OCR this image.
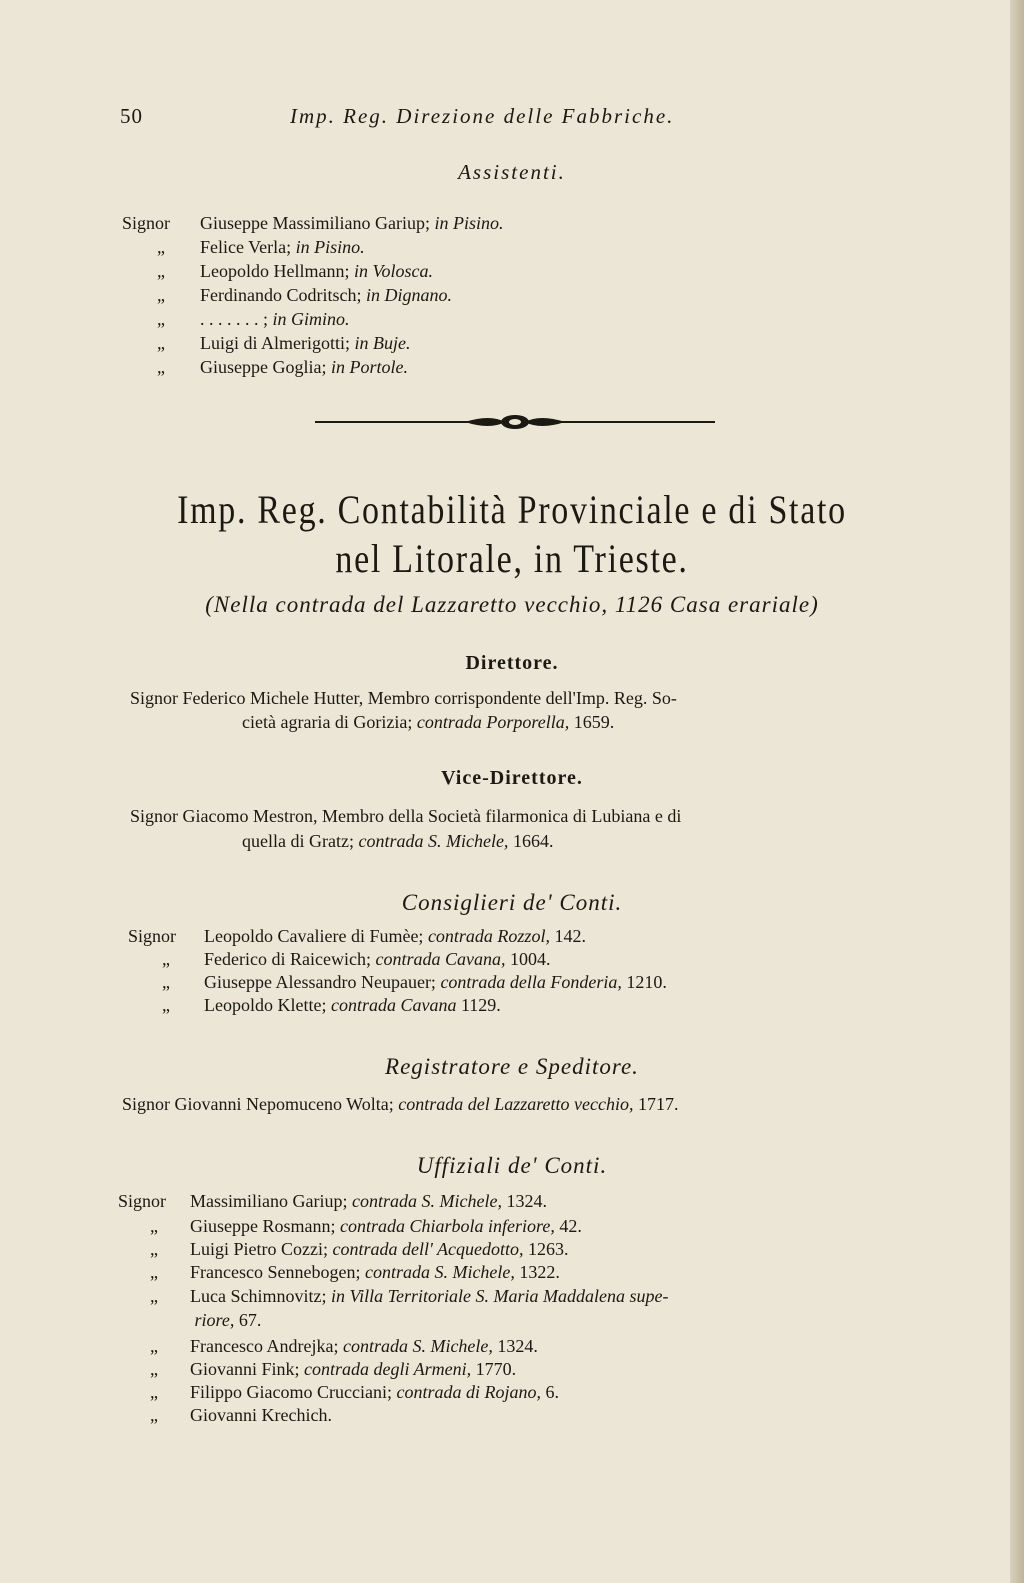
50	Imp. Reg. Direzione delle Fabbriche.
Assistenti.
Signor Giuseppe Massimiliano Gariup; in Pisino.
„ Felice Verla; in Pisino.
„ Leopoldo Hellmann; in Volosca.
„ Ferdinando Codritsch; in Dignano.
„ . . . . . . . ; in Gimino.
„ Luigi di Almerigotti; in Buje.
„ Giuseppe Goglia; in Portole.
Imp. Reg. Contabilità Provinciale e di Stato
nel Litorale, in Trieste.
(Nella contrada del Lazzaretto vecchio, 1126 Casa erariale)
Direttore.
Signor Federico Michele Hutter, Membro corrispondente dell'Imp. Reg. So-
cietà agraria di Gorizia; contrada Porporella, 1659.
Vice-Direttore.
Signor Giacomo Mestron, Membro della Società filarmonica di Lubiana e di
quella di Gratz; contrada S. Michele, 1664.
Consiglieri de' Conti.
Signor Leopoldo Cavaliere di Fumèe; contrada Rozzol, 142.
„ Federico di Raicewich; contrada Cavana, 1004.
„ Giuseppe Alessandro Neupauer; contrada della Fonderia, 1210.
„ Leopoldo Klette; contrada Cavana 1129.
Registratore e Speditore.
Signor Giovanni Nepomuceno Wolta; contrada del Lazzaretto vecchio, 1717.
Uffiziali de' Conti.
Signor Massimiliano Gariup; contrada S. Michele, 1324.
„ Giuseppe Rosmann; contrada Chiarbola inferiore, 42.
„ Luigi Pietro Cozzi; contrada dell' Acquedotto, 1263.
„ Francesco Sennebogen; contrada S. Michele, 1322.
„ Luca Schimnovitz; in Villa Territoriale S. Maria Maddalena supe-
riore, 67.
„ Francesco Andrejka; contrada S. Michele, 1324.
„ Giovanni Fink; contrada degli Armeni, 1770.
„ Filippo Giacomo Crucciani; contrada di Rojano, 6.
„ Giovanni Krechich.
